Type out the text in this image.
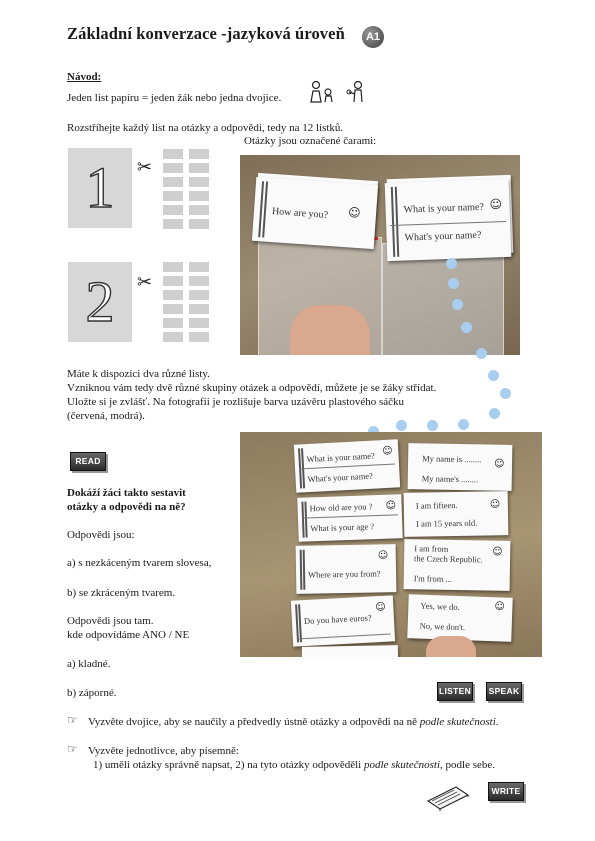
Základní konverzace -jazyková úroveň	A1
Návod:
Jeden list papíru = jeden žák nebo jedna dvojice.
Rozstříhejte každý list na otázky a odpovědi, tedy na 12 lístků.
Otázky jsou označené čarami:
1	✂
2	✂
How are you? ☺	What is your name?
What's your name?
☺
Máte k dispozici dva různé listy.
Vzniknou vám tedy dvě různé skupiny otázek a odpovědí, můžete je se žáky střídat.
Uložte si je zvlášť. Na fotografii je rozlišuje barva uzávěru plastového sáčku
(červená, modrá).
READ
Dokáží žáci takto sestavit
otázky a odpovědi na ně?
Odpovědi jsou:
a) s nezkáceným tvarem slovesa,
b) se zkráceným tvarem.
Odpovědi jsou tam.
kde odpovídáme ANO / NE
a) kladné.
b) záporné.
What is your name?
What's your name?
☺
How old are you ?
What is your age ?
☺
Where are you from?
☺
Do you have euros?
☺
My name is ........
My name's ........
☺
I am fifteen.
I am 15 years old.
☺
I am from
the Czech Republic.
I'm from ...
☺
Yes, we do.
No, we don't.
☺
LISTEN	SPEAK
☞ Vyzvěte dvojice, aby se naučily a předvedly ústně otázky a odpovědi na ně podle skutečnosti.
☞ Vyzvěte jednotlivce, aby písemně:
1) uměli otázky správně napsat, 2) na tyto otázky odpověděli podle skutečnosti, podle sebe.
WRITE
